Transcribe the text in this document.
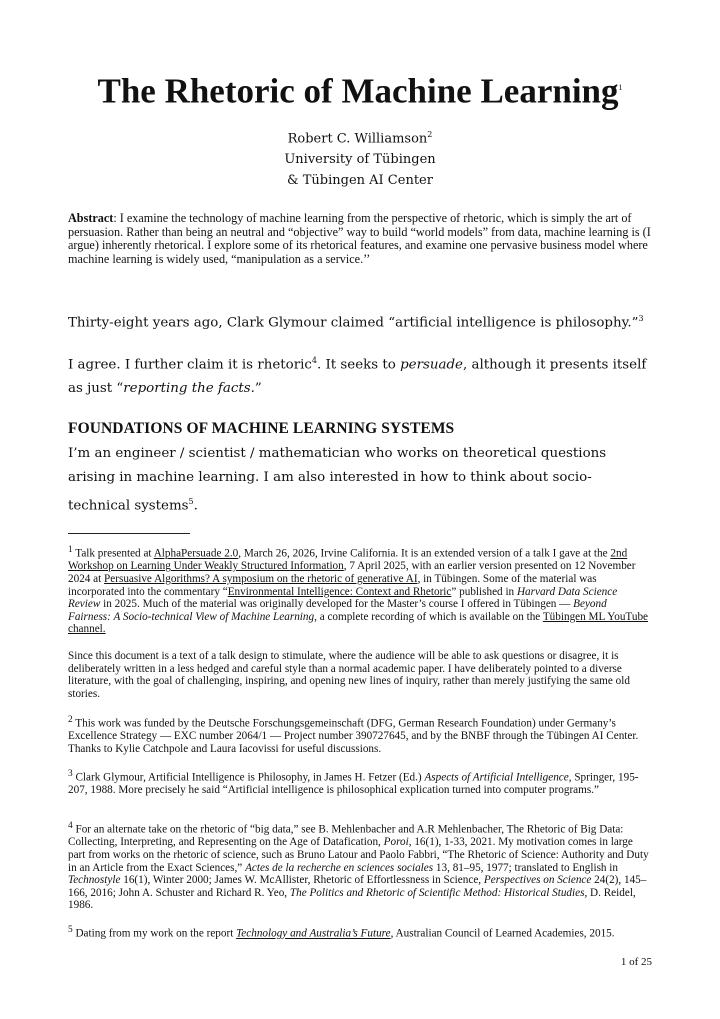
The Rhetoric of Machine Learning$^1$
Robert C. Williamson$^2$
University of Tübingen
& Tübingen AI Center

Abstract: I examine the technology of machine learning from the perspective of rhetoric, which is simply the art of persuasion. Rather than being an neutral and “objective” way to build “world models” from data, machine learning is (I argue) inherently rhetorical. I explore some of its rhetorical features, and examine one pervasive business model where machine learning is widely used, “manipulation as a service.’’

Thirty-eight years ago, Clark Glymour claimed “artificial intelligence is philosophy.”$^3$

I agree. I further claim it is rhetoric$^4$. It seeks to persuade, although it presents itself as just “reporting the facts.”

FOUNDATIONS OF MACHINE LEARNING SYSTEMS

I’m an engineer / scientist / mathematician who works on theoretical questions arising in machine learning. I am also interested in how to think about socio-technical systems$^5$.

$^1$ Talk presented at AlphaPersuade 2.0, March 26, 2026, Irvine California. It is an extended version of a talk I gave at the 2nd Workshop on Learning Under Weakly Structured Information, 7 April 2025, with an earlier version presented on 12 November 2024 at Persuasive Algorithms? A symposium on the rhetoric of generative AI, in Tübingen. Some of the material was incorporated into the commentary “Environmental Intelligence: Context and Rhetoric” published in Harvard Data Science Review in 2025. Much of the material was originally developed for the Master’s course I offered in Tübingen — Beyond Fairness: A Socio-technical View of Machine Learning, a complete recording of which is available on the Tübingen ML YouTube channel.

Since this document is a text of a talk design to stimulate, where the audience will be able to ask questions or disagree, it is deliberately written in a less hedged and careful style than a normal academic paper. I have deliberately pointed to a diverse literature, with the goal of challenging, inspiring, and opening new lines of inquiry, rather than merely justifying the same old stories.

$^2$ This work was funded by the Deutsche Forschungsgemeinschaft (DFG, German Research Foundation) under Germany’s Excellence Strategy — EXC number 2064/1 — Project number 390727645, and by the BNBF through the Tübingen AI Center. Thanks to Kylie Catchpole and Laura Iacovissi for useful discussions.

$^3$ Clark Glymour, Artificial Intelligence is Philosophy, in James H. Fetzer (Ed.) Aspects of Artificial Intelligence, Springer, 195-207, 1988. More precisely he said “Artificial intelligence is philosophical explication turned into computer programs.”

$^4$ For an alternate take on the rhetoric of “big data,” see B. Mehlenbacher and A.R Mehlenbacher, The Rhetoric of Big Data: Collecting, Interpreting, and Representing on the Age of Datafication, Poroi, 16(1), 1-33, 2021. My motivation comes in large part from works on the rhetoric of science, such as Bruno Latour and Paolo Fabbri, “The Rhetoric of Science: Authority and Duty in an Article from the Exact Sciences,” Actes de la recherche en sciences sociales 13, 81–95, 1977; translated to English in Technostyle 16(1), Winter 2000; James W. McAllister, Rhetoric of Effortlessness in Science, Perspectives on Science 24(2), 145–166, 2016; John A. Schuster and Richard R. Yeo, The Politics and Rhetoric of Scientific Method: Historical Studies, D. Reidel, 1986.

$^5$ Dating from my work on the report Technology and Australia’s Future, Australian Council of Learned Academies, 2015.

1 of 25
